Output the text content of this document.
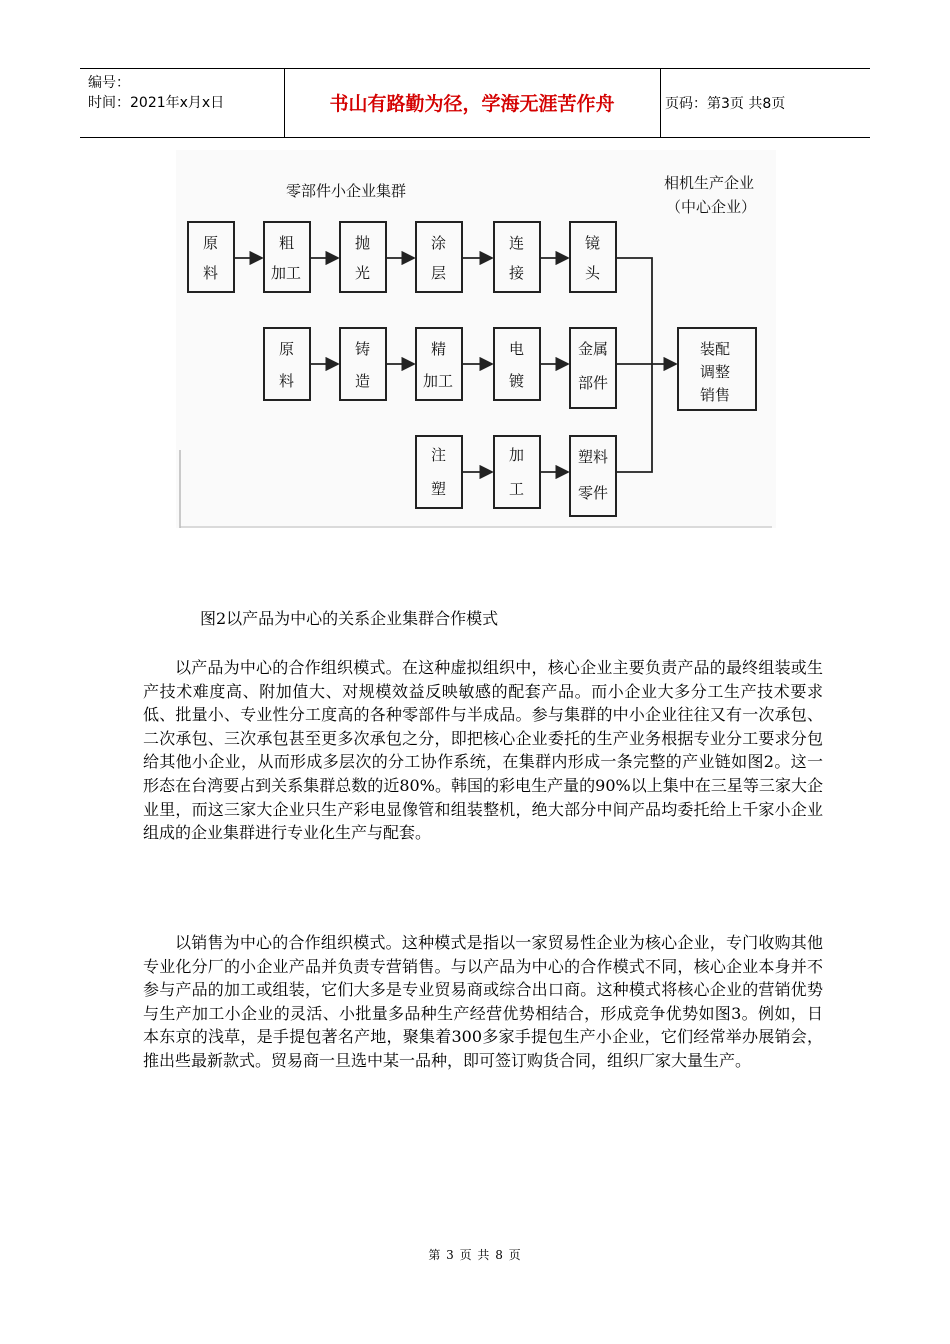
编号：
时间：2021年x月x日	书山有路勤为径，学海无涯苦作舟	页码：第3页 共8页
零部件小企业集群	相机生产企业
（中心企业）
原
料
粗
加工
抛
光
涂
层
连
接
镜
头
原
料
铸
造
精
加工
电
镀
金属
部件
注
塑
加
工
塑料
零件
装配
调整
销售
图2以产品为中心的关系企业集群合作模式
以产品为中心的合作组织模式。在这种虚拟组织中，核心企业主要负责产品的最终组装或生产技术难度高、附加值大、对规模效益反映敏感的配套产品。而小企业大多分工生产技术要求低、批量小、专业性分工度高的各种零部件与半成品。参与集群的中小企业往往又有一次承包、二次承包、三次承包甚至更多次承包之分，即把核心企业委托的生产业务根据专业分工要求分包给其他小企业，从而形成多层次的分工协作系统，在集群内形成一条完整的产业链如图2。这一形态在台湾要占到关系集群总数的近80%。韩国的彩电生产量的90%以上集中在三星等三家大企业里，而这三家大企业只生产彩电显像管和组装整机，绝大部分中间产品均委托给上千家小企业组成的企业集群进行专业化生产与配套。
以销售为中心的合作组织模式。这种模式是指以一家贸易性企业为核心企业，专门收购其他专业化分厂的小企业产品并负责专营销售。与以产品为中心的合作模式不同，核心企业本身并不参与产品的加工或组装，它们大多是专业贸易商或综合出口商。这种模式将核心企业的营销优势与生产加工小企业的灵活、小批量多品种生产经营优势相结合，形成竞争优势如图3。例如，日本东京的浅草，是手提包著名产地，聚集着300多家手提包生产小企业，它们经常举办展销会，推出些最新款式。贸易商一旦选中某一品种，即可签订购货合同，组织厂家大量生产。
第 3 页 共 8 页
